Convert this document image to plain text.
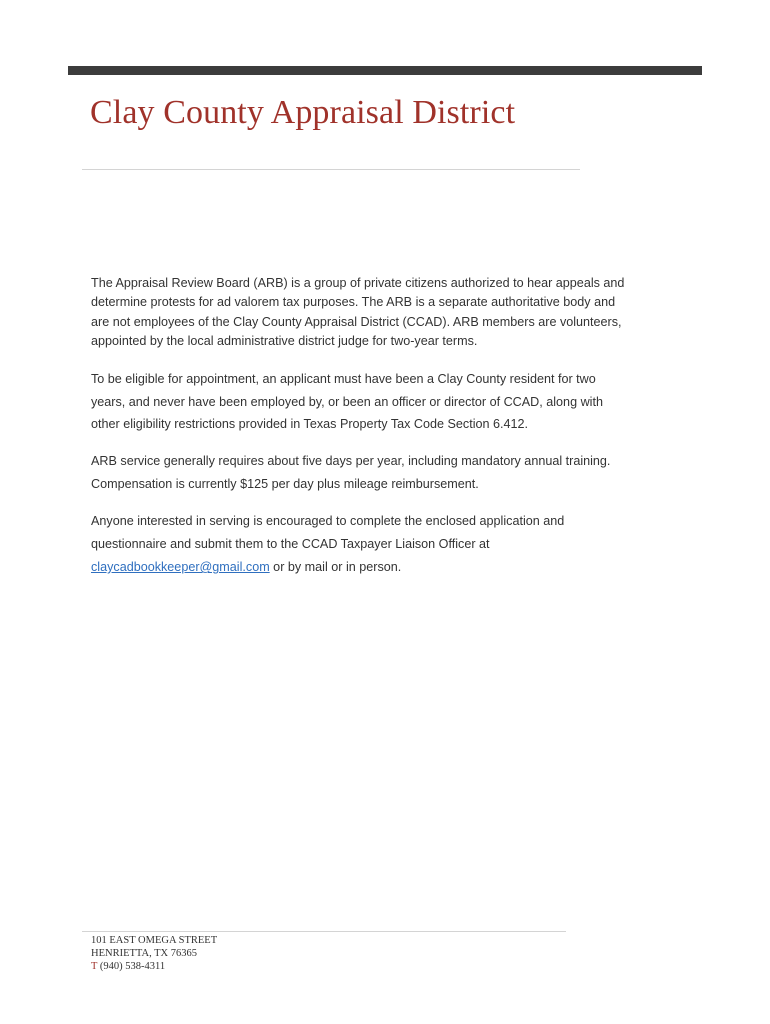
Clay County Appraisal District

The Appraisal Review Board (ARB) is a group of private citizens authorized to hear appeals and
determine protests for ad valorem tax purposes. The ARB is a separate authoritative body and
are not employees of the Clay County Appraisal District (CCAD). ARB members are volunteers,
appointed by the local administrative district judge for two-year terms.

To be eligible for appointment, an applicant must have been a Clay County resident for two
years, and never have been employed by, or been an officer or director of CCAD, along with
other eligibility restrictions provided in Texas Property Tax Code Section 6.412.

ARB service generally requires about five days per year, including mandatory annual training.
Compensation is currently $125 per day plus mileage reimbursement.

Anyone interested in serving is encouraged to complete the enclosed application and
questionnaire and submit them to the CCAD Taxpayer Liaison Officer at
claycadbookkeeper@gmail.com or by mail or in person.

101 EAST OMEGA STREET
HENRIETTA, TX 76365
T (940) 538-4311
